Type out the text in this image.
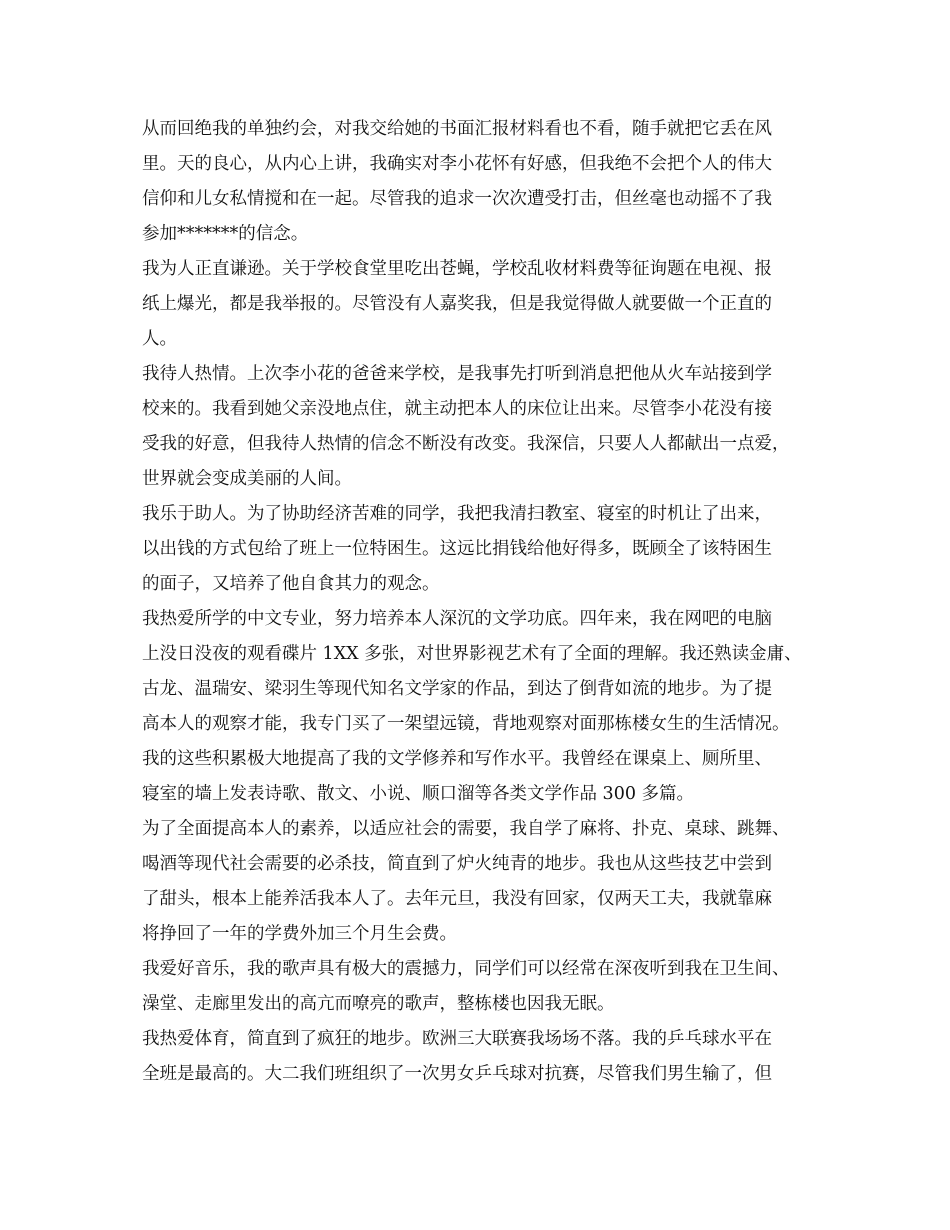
从而回绝我的单独约会，对我交给她的书面汇报材料看也不看，随手就把它丢在风
里。天的良心，从内心上讲，我确实对李小花怀有好感，但我绝不会把个人的伟大
信仰和儿女私情搅和在一起。尽管我的追求一次次遭受打击，但丝毫也动摇不了我
参加*******的信念。
我为人正直谦逊。关于学校食堂里吃出苍蝇，学校乱收材料费等征询题在电视、报
纸上爆光，都是我举报的。尽管没有人嘉奖我，但是我觉得做人就要做一个正直的
人。
我待人热情。上次李小花的爸爸来学校，是我事先打听到消息把他从火车站接到学
校来的。我看到她父亲没地点住，就主动把本人的床位让出来。尽管李小花没有接
受我的好意，但我待人热情的信念不断没有改变。我深信，只要人人都献出一点爱，
世界就会变成美丽的人间。
我乐于助人。为了协助经济苦难的同学，我把我清扫教室、寝室的时机让了出来，
以出钱的方式包给了班上一位特困生。这远比捐钱给他好得多，既顾全了该特困生
的面子，又培养了他自食其力的观念。
我热爱所学的中文专业，努力培养本人深沉的文学功底。四年来，我在网吧的电脑
上没日没夜的观看碟片 1XX 多张，对世界影视艺术有了全面的理解。我还熟读金庸、
古龙、温瑞安、梁羽生等现代知名文学家的作品，到达了倒背如流的地步。为了提
高本人的观察才能，我专门买了一架望远镜，背地观察对面那栋楼女生的生活情况。
我的这些积累极大地提高了我的文学修养和写作水平。我曾经在课桌上、厕所里、
寝室的墙上发表诗歌、散文、小说、顺口溜等各类文学作品 300 多篇。
为了全面提高本人的素养，以适应社会的需要，我自学了麻将、扑克、桌球、跳舞、
喝酒等现代社会需要的必杀技，简直到了炉火纯青的地步。我也从这些技艺中尝到
了甜头，根本上能养活我本人了。去年元旦，我没有回家，仅两天工夫，我就靠麻
将挣回了一年的学费外加三个月生会费。
我爱好音乐，我的歌声具有极大的震撼力，同学们可以经常在深夜听到我在卫生间、
澡堂、走廊里发出的高亢而嘹亮的歌声，整栋楼也因我无眠。
我热爱体育，简直到了疯狂的地步。欧洲三大联赛我场场不落。我的乒乓球水平在
全班是最高的。大二我们班组织了一次男女乒乓球对抗赛，尽管我们男生输了，但
